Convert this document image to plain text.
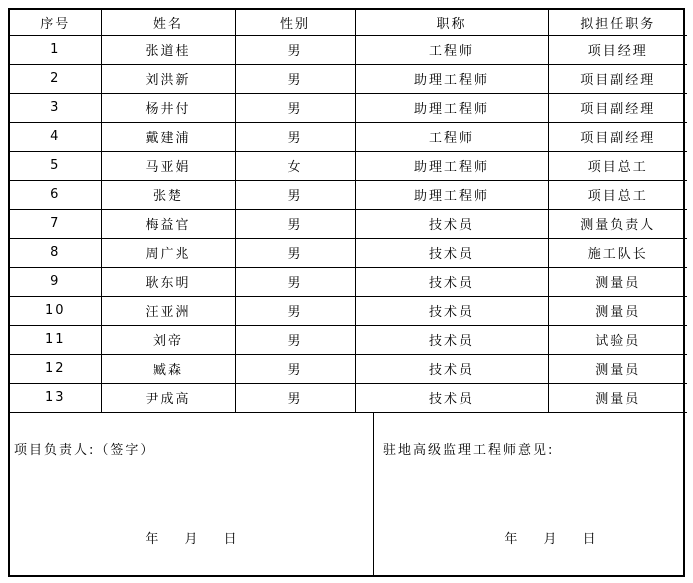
序号	姓名	性别	职称	拟担任职务
1	张道桂	男	工程师	项目经理
2	刘洪新	男	助理工程师	项目副经理
3	杨井付	男	助理工程师	项目副经理
4	戴建浦	男	工程师	项目副经理
5	马亚娟	女	助理工程师	项目总工
6	张楚	男	助理工程师	项目总工
7	梅益官	男	技术员	测量负责人
8	周广兆	男	技术员	施工队长
9	耿东明	男	技术员	测量员
10	汪亚洲	男	技术员	测量员
11	刘帝	男	技术员	试验员
12	臧森	男	技术员	测量员
13	尹成高	男	技术员	测量员
项目负责人:（签字）
年 月 日
驻地高级监理工程师意见:
年 月 日
